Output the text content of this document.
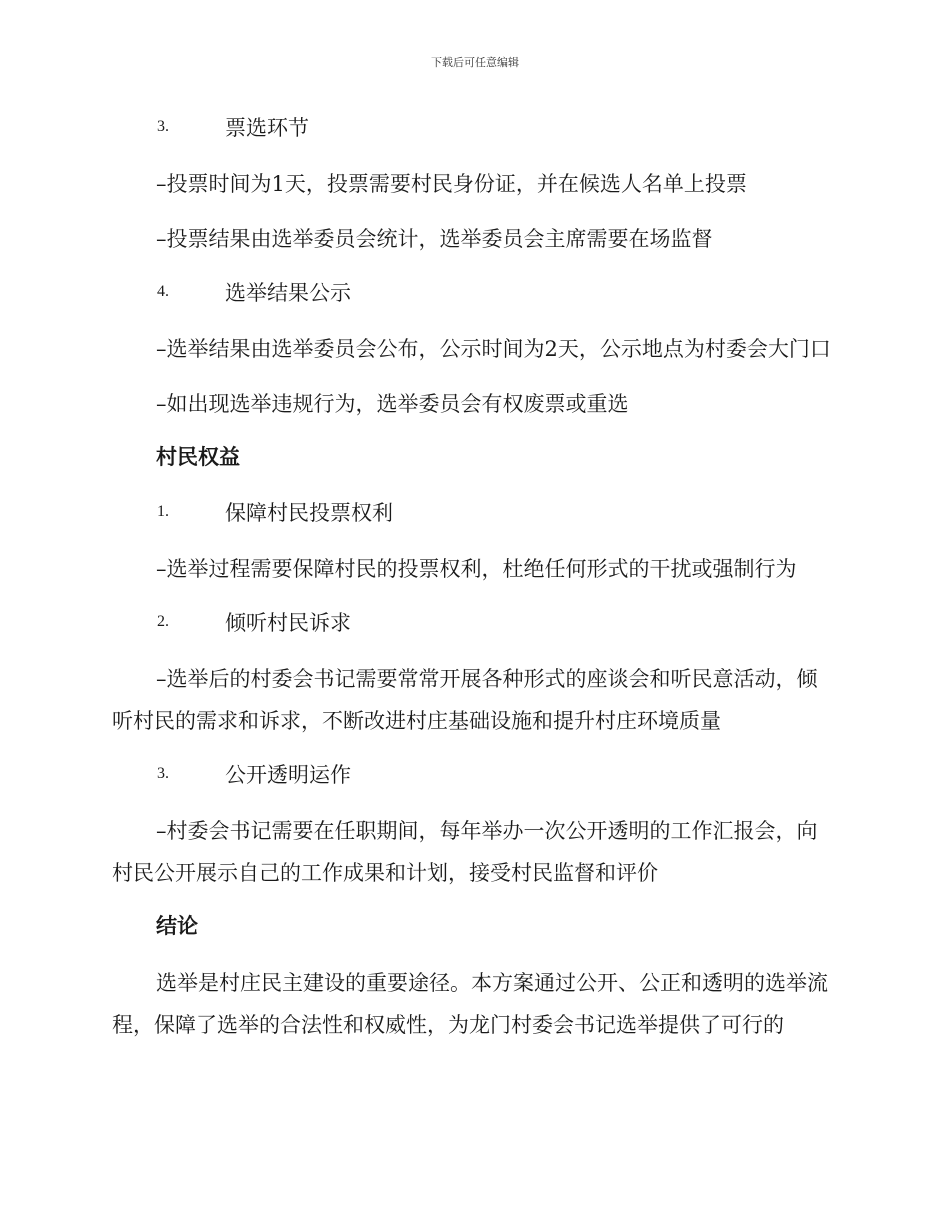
下载后可任意编辑
3.	票选环节

–投票时间为1天，投票需要村民身份证，并在候选人名单上投票

–投票结果由选举委员会统计，选举委员会主席需要在场监督

4.	选举结果公示

–选举结果由选举委员会公布，公示时间为2天，公示地点为村委会大门口

–如出现选举违规行为，选举委员会有权废票或重选

村民权益

1.	保障村民投票权利

–选举过程需要保障村民的投票权利，杜绝任何形式的干扰或强制行为

2.	倾听村民诉求

–选举后的村委会书记需要常常开展各种形式的座谈会和听民意活动，倾听村民的需求和诉求，不断改进村庄基础设施和提升村庄环境质量

3.	公开透明运作

–村委会书记需要在任职期间，每年举办一次公开透明的工作汇报会，向村民公开展示自己的工作成果和计划，接受村民监督和评价

结论

选举是村庄民主建设的重要途径。本方案通过公开、公正和透明的选举流程，保障了选举的合法性和权威性，为龙门村委会书记选举提供了可行的
